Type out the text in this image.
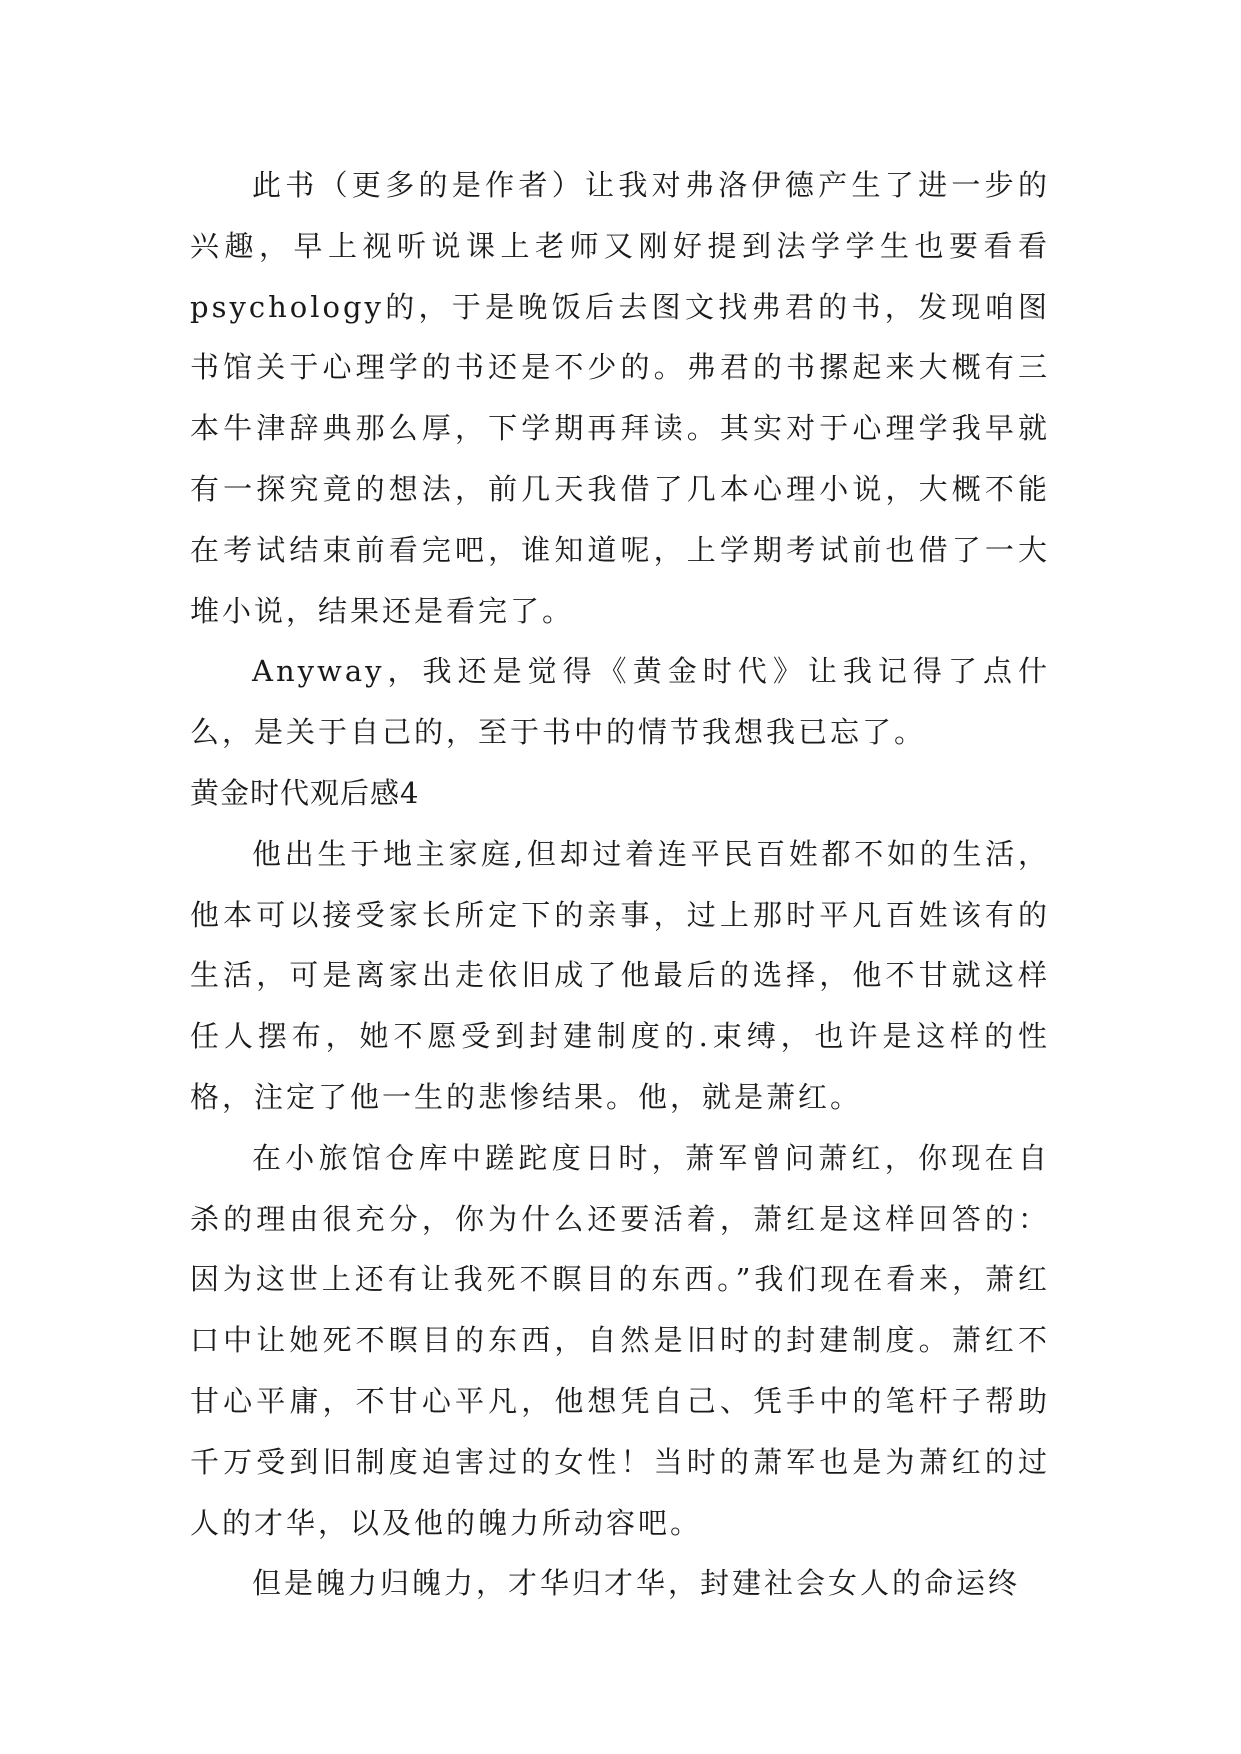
此书（更多的是作者）让我对弗洛伊德产生了进一步的兴趣，早上视听说课上老师又刚好提到法学学生也要看看psychology的，于是晚饭后去图文找弗君的书，发现咱图书馆关于心理学的书还是不少的。弗君的书摞起来大概有三本牛津辞典那么厚，下学期再拜读。其实对于心理学我早就有一探究竟的想法，前几天我借了几本心理小说，大概不能在考试结束前看完吧，谁知道呢，上学期考试前也借了一大堆小说，结果还是看完了。

Anyway，我还是觉得《黄金时代》让我记得了点什么，是关于自己的，至于书中的情节我想我已忘了。

黄金时代观后感4

他出生于地主家庭,但却过着连平民百姓都不如的生活，他本可以接受家长所定下的亲事，过上那时平凡百姓该有的生活，可是离家出走依旧成了他最后的选择，他不甘就这样任人摆布，她不愿受到封建制度的.束缚，也许是这样的性格，注定了他一生的悲惨结果。他，就是萧红。

在小旅馆仓库中蹉跎度日时，萧军曾问萧红，你现在自杀的理由很充分，你为什么还要活着，萧红是这样回答的：因为这世上还有让我死不瞑目的东西。”我们现在看来，萧红口中让她死不瞑目的东西，自然是旧时的封建制度。萧红不甘心平庸，不甘心平凡，他想凭自己、凭手中的笔杆子帮助千万受到旧制度迫害过的女性！当时的萧军也是为萧红的过人的才华，以及他的魄力所动容吧。

但是魄力归魄力，才华归才华，封建社会女人的命运终
